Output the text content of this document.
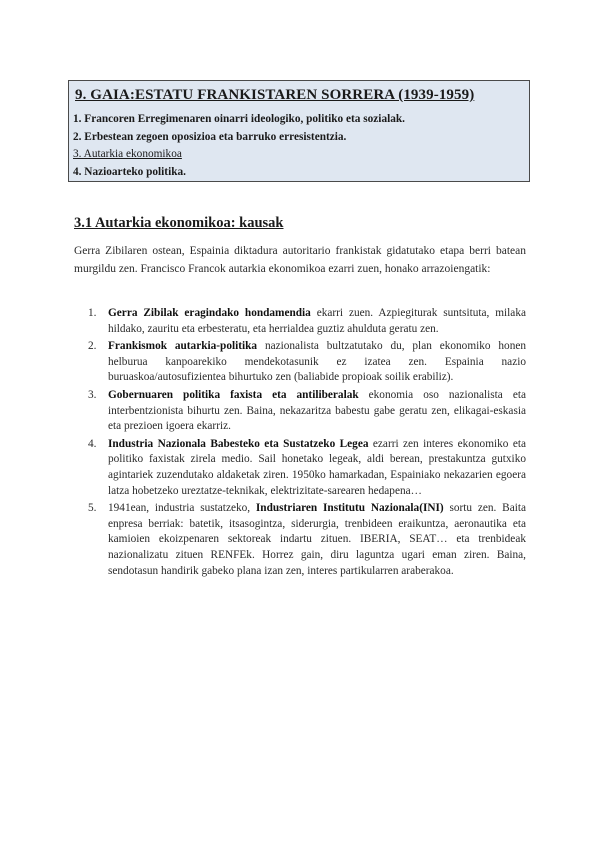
9. GAIA:ESTATU FRANKISTAREN SORRERA (1939-1959)
1. Francoren Erregimenaren oinarri ideologiko, politiko eta sozialak.
2. Erbestean zegoen oposizioa eta barruko erresistentzia.
3. Autarkia ekonomikoa
4. Nazioarteko politika.
3.1 Autarkia ekonomikoa: kausak

Gerra Zibilaren ostean, Espainia diktadura autoritario frankistak gidatutako etapa berri batean murgildu zen. Francisco Francok autarkia ekonomikoa ezarri zuen, honako arrazoiengatik:

1. Gerra Zibilak eragindako hondamendia ekarri zuen. Azpiegiturak suntsituta, milaka hildako, zauritu eta erbesteratu, eta herrialdea guztiz ahulduta geratu zen.
2. Frankismok autarkia-politika nazionalista bultzatutako du, plan ekonomiko honen helburua kanpoarekiko mendekotasunik ez izatea zen. Espainia nazio buruaskoa/autosufizientea bihurtuko zen (baliabide propioak soilik erabiliz).
3. Gobernuaren politika faxista eta antiliberalak ekonomia oso nazionalista eta interbentzionista bihurtu zen. Baina, nekazaritza babestu gabe geratu zen, elikagai-eskasia eta prezioen igoera ekarriz.
4. Industria Nazionala Babesteko eta Sustatzeko Legea ezarri zen interes ekonomiko eta politiko faxistak zirela medio. Sail honetako legeak, aldi berean, prestakuntza gutxiko agintariek zuzendutako aldaketak ziren. 1950ko hamarkadan, Espainiako nekazarien egoera latza hobetzeko ureztatze-teknikak, elektrizitate-sarearen hedapena…
5. 1941ean, industria sustatzeko, Industriaren Institutu Nazionala(INI) sortu zen. Baita enpresa berriak: batetik, itsasogintza, siderurgia, trenbideen eraikuntza, aeronautika eta kamioien ekoizpenaren sektoreak indartu zituen. IBERIA, SEAT… eta trenbideak nazionalizatu zituen RENFEk. Horrez gain, diru laguntza ugari eman ziren. Baina, sendotasun handirik gabeko plana izan zen, interes partikularren araberakoa.
